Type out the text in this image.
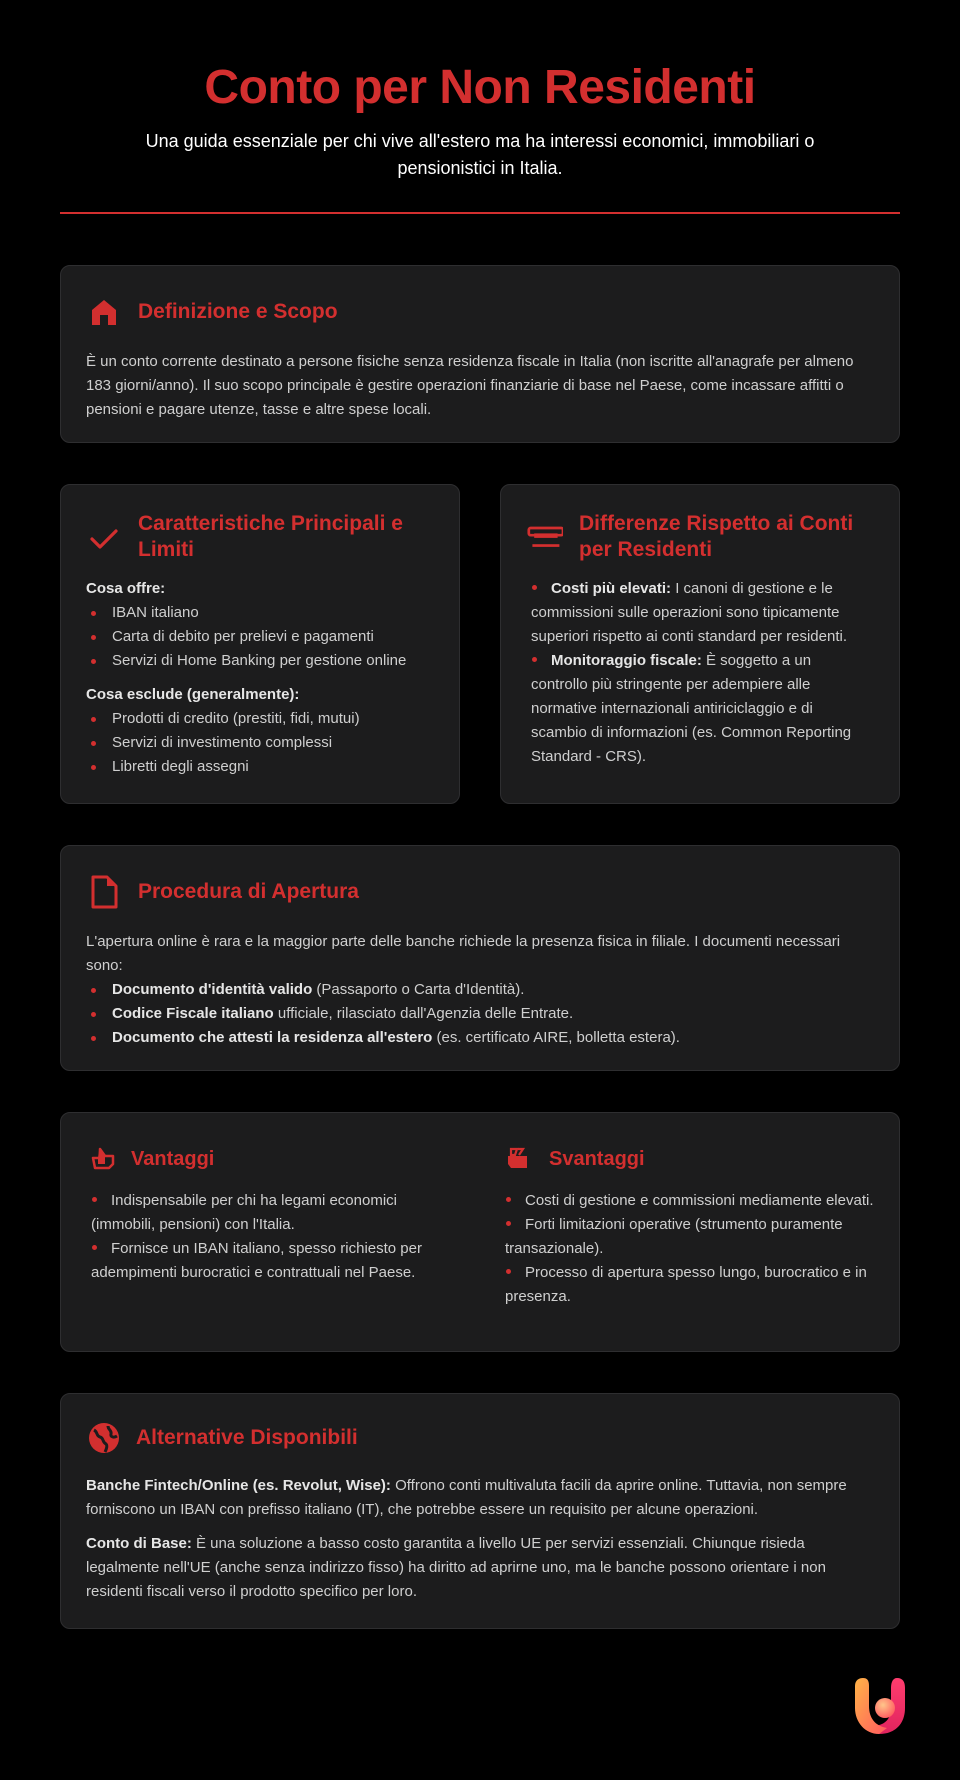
Conto per Non Residenti

Una guida essenziale per chi vive all'estero ma ha interessi economici, immobiliari o pensionistici in Italia.

Definizione e Scopo

È un conto corrente destinato a persone fisiche senza residenza fiscale in Italia (non iscritte all'anagrafe per almeno 183 giorni/anno). Il suo scopo principale è gestire operazioni finanziarie di base nel Paese, come incassare affitti o pensioni e pagare utenze, tasse e altre spese locali.

Caratteristiche Principali e Limiti
Cosa offre:
IBAN italiano
Carta di debito per prelievi e pagamenti
Servizi di Home Banking per gestione online
Cosa esclude (generalmente):
Prodotti di credito (prestiti, fidi, mutui)
Servizi di investimento complessi
Libretti degli assegni
Differenze Rispetto ai Conti per Residenti
Costi più elevati: I canoni di gestione e le commissioni sulle operazioni sono tipicamente superiori rispetto ai conti standard per residenti.
Monitoraggio fiscale: È soggetto a un controllo più stringente per adempiere alle normative internazionali antiriciclaggio e di scambio di informazioni (es. Common Reporting Standard - CRS).
Procedura di Apertura

L'apertura online è rara e la maggior parte delle banche richiede la presenza fisica in filiale. I documenti necessari sono:

Documento d'identità valido (Passaporto o Carta d'Identità).
Codice Fiscale italiano ufficiale, rilasciato dall'Agenzia delle Entrate.
Documento che attesti la residenza all'estero (es. certificato AIRE, bolletta estera).
Vantaggi
Indispensabile per chi ha legami economici (immobili, pensioni) con l'Italia.
Fornisce un IBAN italiano, spesso richiesto per adempimenti burocratici e contrattuali nel Paese.
Svantaggi
Costi di gestione e commissioni mediamente elevati.
Forti limitazioni operative (strumento puramente transazionale).
Processo di apertura spesso lungo, burocratico e in presenza.
Alternative Disponibili

Banche Fintech/Online (es. Revolut, Wise): Offrono conti multivaluta facili da aprire online. Tuttavia, non sempre forniscono un IBAN con prefisso italiano (IT), che potrebbe essere un requisito per alcune operazioni.

Conto di Base: È una soluzione a basso costo garantita a livello UE per servizi essenziali. Chiunque risieda legalmente nell'UE (anche senza indirizzo fisso) ha diritto ad aprirne uno, ma le banche possono orientare i non residenti fiscali verso il prodotto specifico per loro.
